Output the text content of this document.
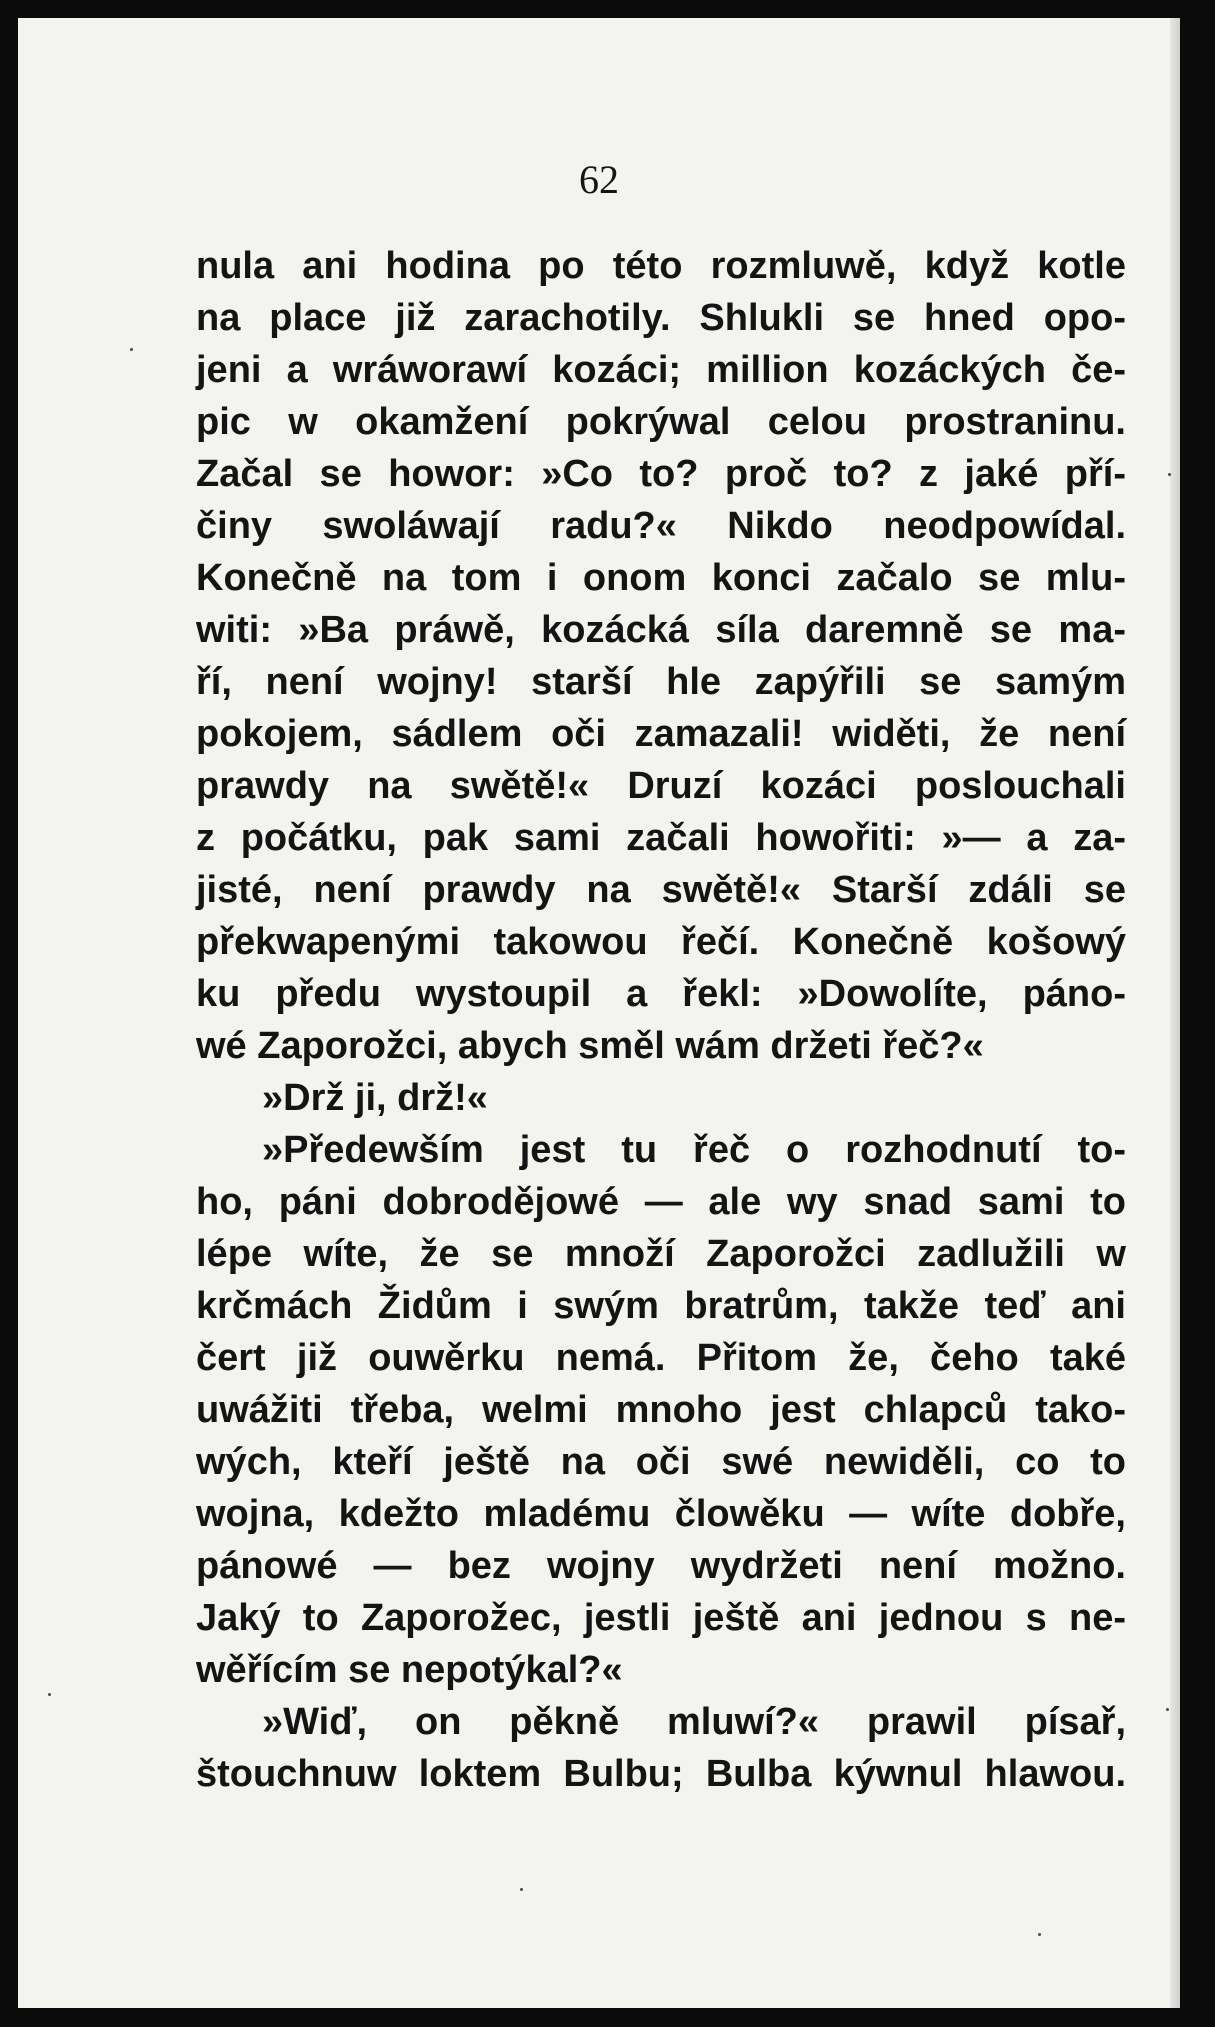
62
nula ani hodina po této rozmluwě, když kotle
na place již zarachotily. Shlukli se hned opo-
jeni a wráworawí kozáci; million kozáckých če-
pic w okamžení pokrýwal celou prostraninu.
Začal se howor: »Co to? proč to? z jaké pří-
činy swoláwají radu?« Nikdo neodpowídal.
Konečně na tom i onom konci začalo se mlu-
witi: »Ba práwě, kozácká síla daremně se ma-
ří, není wojny! starší hle zapýřili se samým
pokojem, sádlem oči zamazali! widěti, že není
prawdy na swětě!« Druzí kozáci poslouchali
z počátku, pak sami začali howořiti: »— a za-
jisté, není prawdy na swětě!« Starší zdáli se
překwapenými takowou řečí. Konečně košowý
ku předu wystoupil a řekl: »Dowolíte, páno-
wé Zaporožci, abych směl wám držeti řeč?«
»Drž ji, drž!«
»Předewším jest tu řeč o rozhodnutí to-
ho, páni dobrodějowé — ale wy snad sami to
lépe wíte, že se množí Zaporožci zadlužili w
krčmách Židům i swým bratrům, takže teď ani
čert již ouwěrku nemá. Přitom že, čeho také
uwážiti třeba, welmi mnoho jest chlapců tako-
wých, kteří ještě na oči swé newiděli, co to
wojna, kdežto mladému člowěku — wíte dobře,
pánowé — bez wojny wydržeti není možno.
Jaký to Zaporožec, jestli ještě ani jednou s ne-
wěřícím se nepotýkal?«
»Wiď, on pěkně mluwí?« prawil písař,
štouchnuw loktem Bulbu; Bulba kýwnul hlawou.
